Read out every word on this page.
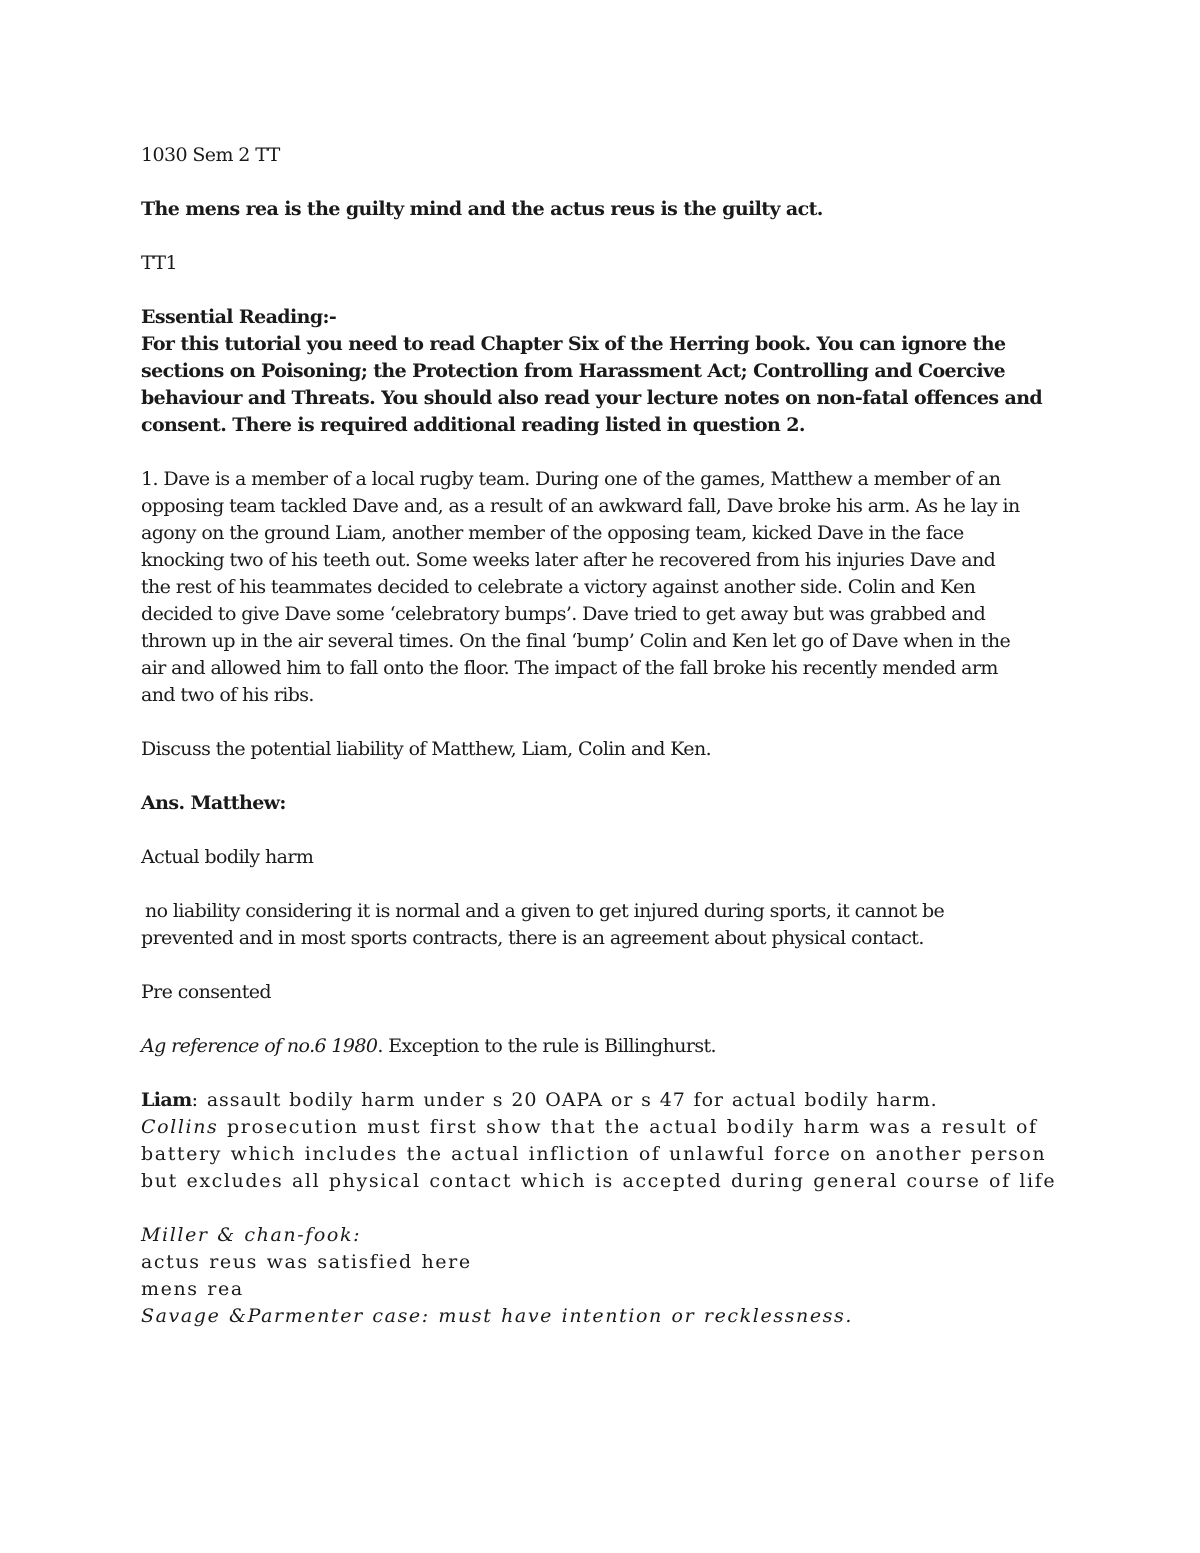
1030 Sem 2 TT

The mens rea is the guilty mind and the actus reus is the guilty act.

TT1

Essential Reading:-

For this tutorial you need to read Chapter Six of the Herring book. You can ignore the

sections on Poisoning; the Protection from Harassment Act; Controlling and Coercive

behaviour and Threats. You should also read your lecture notes on non-fatal offences and

consent. There is required additional reading listed in question 2.

1. Dave is a member of a local rugby team. During one of the games, Matthew a member of an

opposing team tackled Dave and, as a result of an awkward fall, Dave broke his arm. As he lay in

agony on the ground Liam, another member of the opposing team, kicked Dave in the face

knocking two of his teeth out. Some weeks later after he recovered from his injuries Dave and

the rest of his teammates decided to celebrate a victory against another side. Colin and Ken

decided to give Dave some ‘celebratory bumps’. Dave tried to get away but was grabbed and

thrown up in the air several times. On the final ‘bump’ Colin and Ken let go of Dave when in the

air and allowed him to fall onto the floor. The impact of the fall broke his recently mended arm

and two of his ribs.

Discuss the potential liability of Matthew, Liam, Colin and Ken.

Ans. Matthew:

Actual bodily harm

no liability considering it is normal and a given to get injured during sports, it cannot be

prevented and in most sports contracts, there is an agreement about physical contact.

Pre consented

Ag reference of no.6 1980. Exception to the rule is Billinghurst.

Liam: assault bodily harm under s 20 OAPA or s 47 for actual bodily harm.

Collins prosecution must first show that the actual bodily harm was a result of

battery which includes the actual infliction of unlawful force on another person

but excludes all physical contact which is accepted during general course of life

Miller & chan-fook:

actus reus was satisfied here

mens rea

Savage &Parmenter case: must have intention or recklessness.
